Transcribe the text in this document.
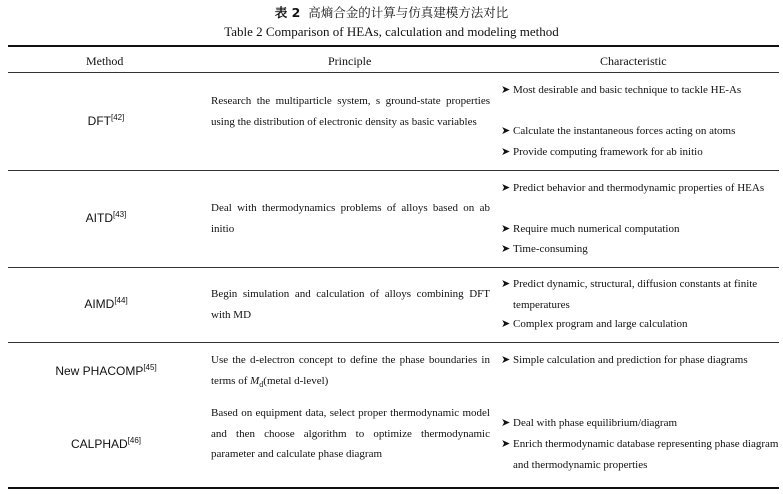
表 2 高熵合金的计算与仿真建模方法对比
Table 2 Comparison of HEAs, calculation and modeling method
Method	Principle	Characteristic
DFT[42]
Research the multiparticle system, s ground-state properties using the distribution of electronic density as basic variables
➤ Most desirable and basic technique to tackle HE-As
➤ Calculate the instantaneous forces acting on atoms
➤ Provide computing framework for ab initio
AITD[43]
Deal with thermodynamics problems of alloys based on ab initio
➤ Predict behavior and thermodynamic properties of HEAs
➤ Require much numerical computation
➤ Time-consuming
AIMD[44]
Begin simulation and calculation of alloys combining DFT with MD
➤ Predict dynamic, structural, diffusion constants at finite temperatures
➤ Complex program and large calculation
New PHACOMP[45]
Use the d-electron concept to define the phase boundaries in terms of $M_d(metal$ d-level)
➤ Simple calculation and prediction for phase diagrams
CALPHAD[46]
Based on equipment data, select proper thermodynamic model and then choose algorithm to optimize thermodynamic parameter and calculate phase diagram
➤ Deal with phase equilibrium/diagram
➤ Enrich thermodynamic database representing phase diagram and thermodynamic properties
